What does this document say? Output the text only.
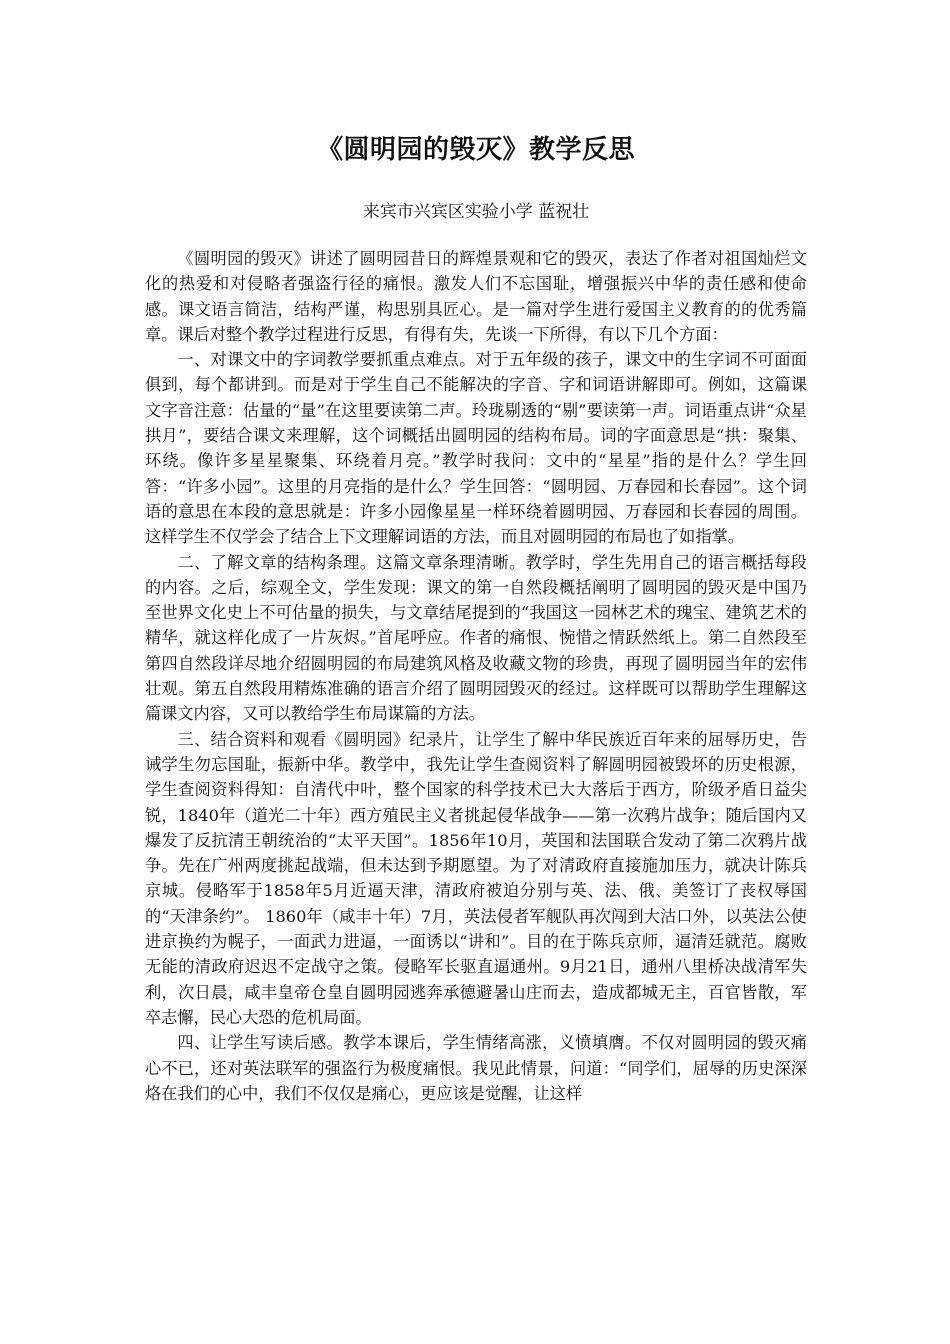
《圆明园的毁灭》教学反思
来宾市兴宾区实验小学 蓝祝壮

《圆明园的毁灭》讲述了圆明园昔日的辉煌景观和它的毁灭，表达了作者对祖国灿烂文化的热爱和对侵略者强盗行径的痛恨。激发人们不忘国耻，增强振兴中华的责任感和使命感。课文语言简洁，结构严谨，构思别具匠心。是一篇对学生进行爱国主义教育的的优秀篇章。课后对整个教学过程进行反思，有得有失，先谈一下所得，有以下几个方面：

一、对课文中的字词教学要抓重点难点。对于五年级的孩子，课文中的生字词不可面面俱到，每个都讲到。而是对于学生自己不能解决的字音、字和词语讲解即可。例如，这篇课文字音注意：估量的“量”在这里要读第二声。玲珑剔透的“剔”要读第一声。词语重点讲“众星拱月”，要结合课文来理解，这个词概括出圆明园的结构布局。词的字面意思是“拱：聚集、环绕。像许多星星聚集、环绕着月亮。”教学时我问：文中的“星星”指的是什么？学生回答：“许多小园”。这里的月亮指的是什么？学生回答：“圆明园、万春园和长春园”。这个词语的意思在本段的意思就是：许多小园像星星一样环绕着圆明园、万春园和长春园的周围。这样学生不仅学会了结合上下文理解词语的方法，而且对圆明园的布局也了如指掌。

二、了解文章的结构条理。这篇文章条理清晰。教学时，学生先用自己的语言概括每段的内容。之后，综观全文，学生发现：课文的第一自然段概括阐明了圆明园的毁灭是中国乃至世界文化史上不可估量的损失，与文章结尾提到的“我国这一园林艺术的瑰宝、建筑艺术的精华，就这样化成了一片灰烬。”首尾呼应。作者的痛恨、惋惜之情跃然纸上。第二自然段至第四自然段详尽地介绍圆明园的布局建筑风格及收藏文物的珍贵，再现了圆明园当年的宏伟壮观。第五自然段用精炼准确的语言介绍了圆明园毁灭的经过。这样既可以帮助学生理解这篇课文内容，又可以教给学生布局谋篇的方法。

三、结合资料和观看《圆明园》纪录片，让学生了解中华民族近百年来的屈辱历史，告诫学生勿忘国耻，振新中华。教学中，我先让学生查阅资料了解圆明园被毁坏的历史根源，学生查阅资料得知：自清代中叶，整个国家的科学技术已大大落后于西方，阶级矛盾日益尖锐，1840年（道光二十年）西方殖民主义者挑起侵华战争——第一次鸦片战争；随后国内又爆发了反抗清王朝统治的“太平天国”。1856年10月，英国和法国联合发动了第二次鸦片战争。先在广州两度挑起战端，但未达到予期愿望。为了对清政府直接施加压力，就决计陈兵京城。侵略军于1858年5月近逼天津，清政府被迫分别与英、法、俄、美签订了丧权辱国的“天津条约”。 1860年（咸丰十年）7月，英法侵者军舰队再次闯到大沽口外，以英法公使进京换约为幌子，一面武力进逼，一面诱以“讲和”。目的在于陈兵京师，逼清廷就范。腐败无能的清政府迟迟不定战守之策。侵略军长驱直逼通州。9月21日，通州八里桥决战清军失利，次日晨，咸丰皇帝仓皇自圆明园逃奔承德避暑山庄而去，造成都城无主，百官皆散，军卒志懈，民心大恐的危机局面。

四、让学生写读后感。教学本课后，学生情绪高涨，义愤填膺。不仅对圆明园的毁灭痛心不已，还对英法联军的强盗行为极度痛恨。我见此情景，问道：“同学们，屈辱的历史深深烙在我们的心中，我们不仅仅是痛心，更应该是觉醒，让这样
